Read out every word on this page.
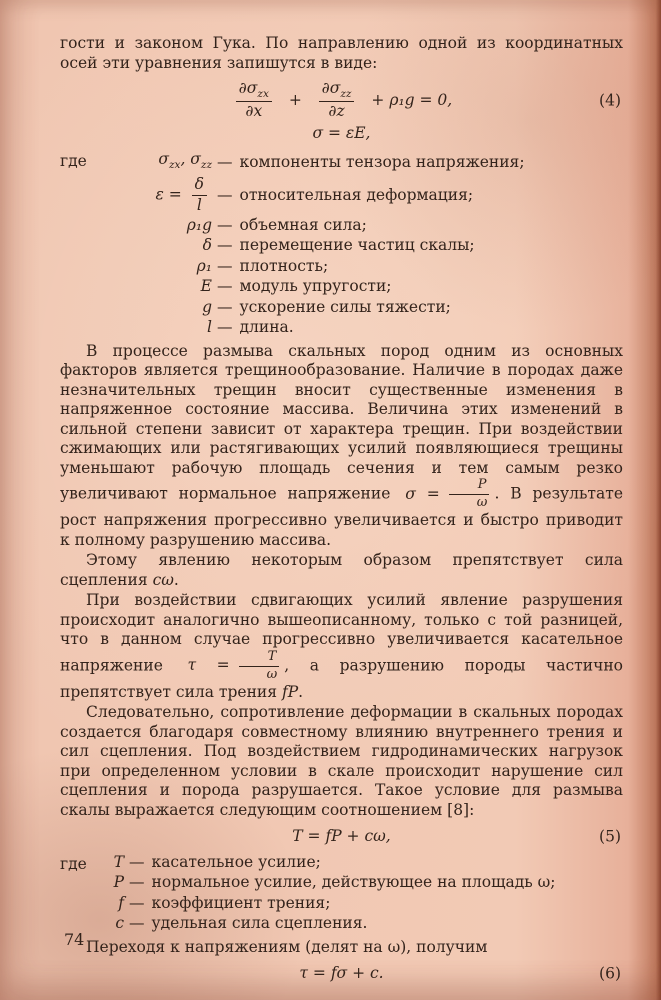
гости и законом Гука. По направлению одной из координатных осей эти уравнения запишутся в виде:

$\frac{\partial\sigma_{zx}}{\partial x} + \frac{\partial\sigma_{zz}}{\partial z} + \rho_1g = 0$,	(4)
σ = εE,
где	$\sigma_{zx}$, $\sigma_{zz}$ — компоненты тензора напряжения;
$\varepsilon = \frac{\delta}{l}$ — относительная деформация;
ρ₁g — объемная сила;
δ — перемещение частиц скалы;
ρ₁ — плотность;
E — модуль упругости;
g — ускорение силы тяжести;
l — длина.

В процессе размыва скальных пород одним из основных факторов является трещинообразование. Наличие в породах даже незначительных трещин вносит существенные изменения в напряженное состояние массива. Величина этих изменений в сильной степени зависит от характера трещин. При воздействии сжимающих или растягивающих усилий появляющиеся трещины уменьшают рабочую площадь сечения и тем самым резко увеличивают нормальное напряжение $\sigma = \frac{P}{\omega}$ . В результате рост напряжения прогрессивно увеличивается и быстро приводит к полному разрушению массива.

Этому явлению некоторым образом препятствует сила сцепления cω.

При воздействии сдвигающих усилий явление разрушения происходит аналогично вышеописанному, только с той разницей, что в данном случае прогрессивно увеличивается касательное напряжение $\tau = \frac{T}{\omega}$ , а разрушению породы частично препятствует сила трения fP.

Следовательно, сопротивление деформации в скальных породах создается благодаря совместному влиянию внутреннего трения и сил сцепления. Под воздействием гидродинамических нагрузок при определенном условии в скале происходит нарушение сил сцепления и порода разрушается. Такое условие для размыва скалы выражается следующим соотношением [8]:

T = fP + cω,	(5)
где	T — касательное усилие;
P — нормальное усилие, действующее на площадь ω;
f — коэффициент трения;
c — удельная сила сцепления.

Переходя к напряжениям (делят на ω), получим

τ = fσ + c.	(6)
74
